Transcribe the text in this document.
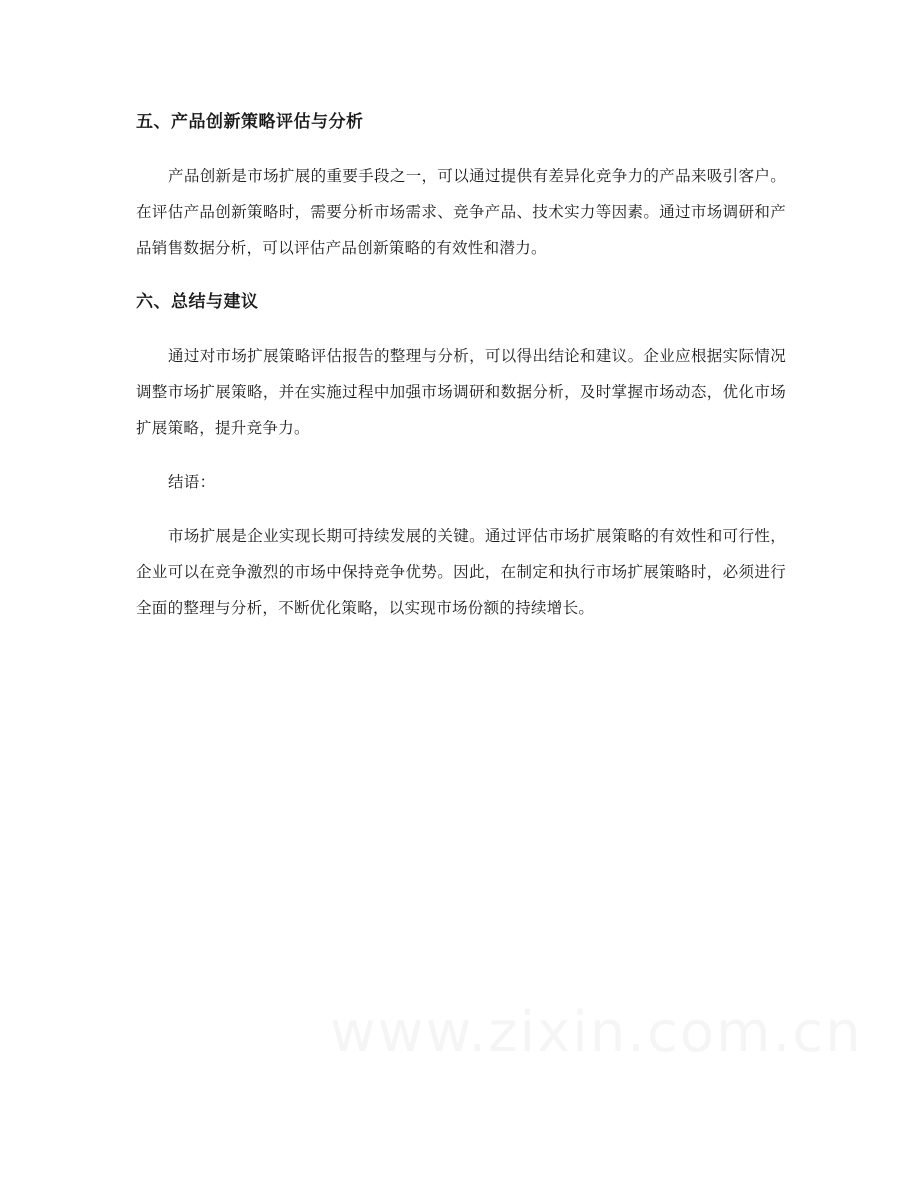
五、产品创新策略评估与分析

产品创新是市场扩展的重要手段之一，可以通过提供有差异化竞争力的产品来吸引客户。在评估产品创新策略时，需要分析市场需求、竞争产品、技术实力等因素。通过市场调研和产品销售数据分析，可以评估产品创新策略的有效性和潜力。

六、总结与建议

通过对市场扩展策略评估报告的整理与分析，可以得出结论和建议。企业应根据实际情况调整市场扩展策略，并在实施过程中加强市场调研和数据分析，及时掌握市场动态，优化市场扩展策略，提升竞争力。

结语：

市场扩展是企业实现长期可持续发展的关键。通过评估市场扩展策略的有效性和可行性，企业可以在竞争激烈的市场中保持竞争优势。因此，在制定和执行市场扩展策略时，必须进行全面的整理与分析，不断优化策略，以实现市场份额的持续增长。
